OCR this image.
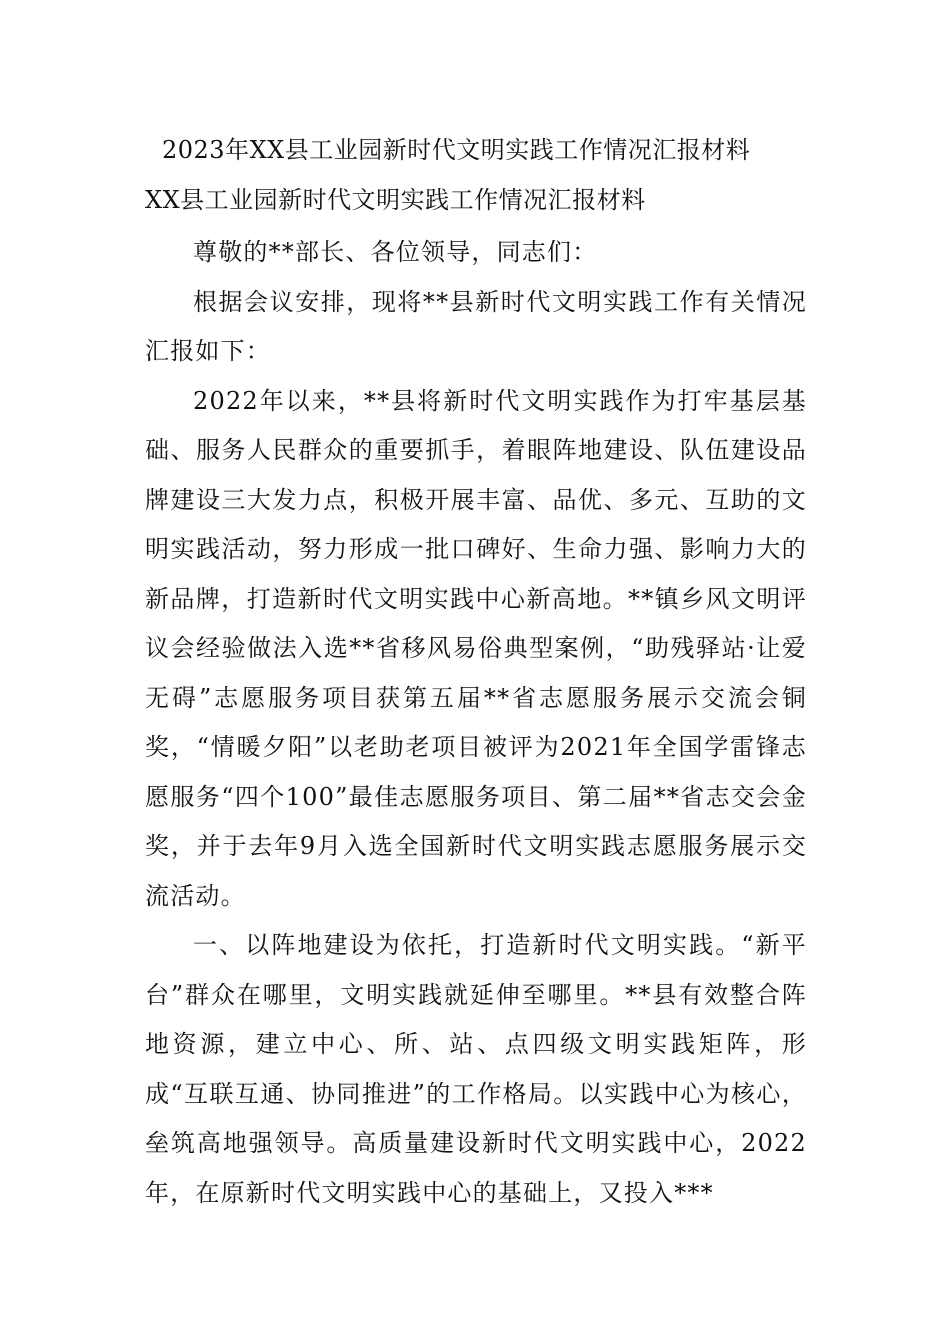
2023年XX县工业园新时代文明实践工作情况汇报材料
XX县工业园新时代文明实践工作情况汇报材料

尊敬的**部长、各位领导，同志们：

根据会议安排，现将**县新时代文明实践工作有关情况汇报如下：

2022年以来，**县将新时代文明实践作为打牢基层基础、服务人民群众的重要抓手，着眼阵地建设、队伍建设品牌建设三大发力点，积极开展丰富、品优、多元、互助的文明实践活动，努力形成一批口碑好、生命力强、影响力大的新品牌，打造新时代文明实践中心新高地。**镇乡风文明评议会经验做法入选**省移风易俗典型案例，“助残驿站·让爱无碍”志愿服务项目获第五届**省志愿服务展示交流会铜奖，“情暖夕阳”以老助老项目被评为2021年全国学雷锋志愿服务“四个100”最佳志愿服务项目、第二届**省志交会金奖，并于去年9月入选全国新时代文明实践志愿服务展示交流活动。

一、以阵地建设为依托，打造新时代文明实践。“新平台”群众在哪里，文明实践就延伸至哪里。**县有效整合阵地资源，建立中心、所、站、点四级文明实践矩阵，形成“互联互通、协同推进”的工作格局。以实践中心为核心，垒筑高地强领导。高质量建设新时代文明实践中心，2022年，在原新时代文明实践中心的基础上，又投入***
